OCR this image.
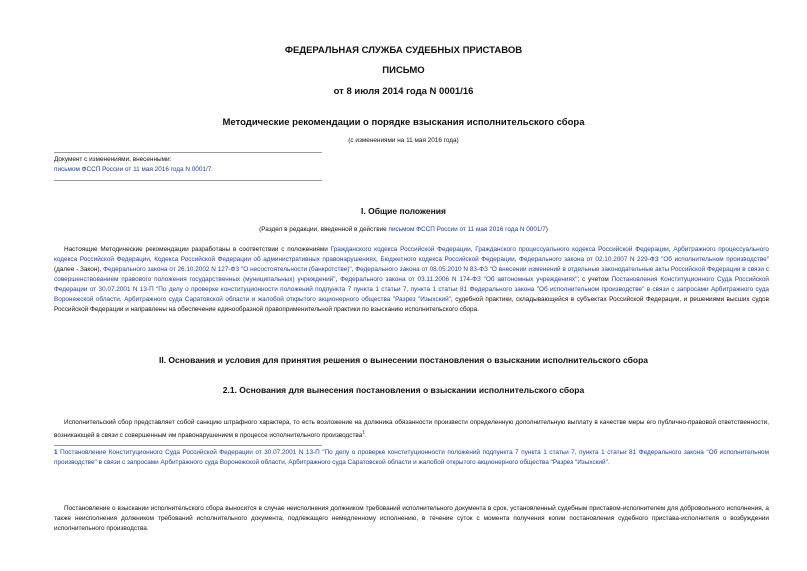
ФЕДЕРАЛЬНАЯ СЛУЖБА СУДЕБНЫХ ПРИСТАВОВ
ПИСЬМО
от 8 июля 2014 года N 0001/16
Методические рекомендации о порядке взыскания исполнительского сбора
(с изменениями на 11 мая 2016 года)
Документ с изменениями, внесенными:
письмом ФССП России от 11 мая 2016 года N 0001/7.
I. Общие положения
(Раздел в редакции, введенной в действие письмом ФССП России от 11 мая 2016 года N 0001/7)
Настоящие Методические рекомендации разработаны в соответствии с положениями Гражданского кодекса Российской Федерации, Гражданского процессуального кодекса Российской Федерации, Арбитражного процессуального кодекса Российской Федерации, Кодекса Российской Федерации об административных правонарушениях, Бюджетного кодекса Российской Федерации, Федерального закона от 02.10.2007 N 229-ФЗ "Об исполнительном производстве" (далее - Закон), Федерального закона от 26.10.2002 N 127-ФЗ "О несостоятельности (банкротстве)", Федерального закона от 08.05.2010 N 83-ФЗ "О внесении изменений в отдельные законодательные акты Российской Федерации в связи с совершенствованием правового положения государственных (муниципальных) учреждений", Федерального закона от 03.11.2006 N 174-ФЗ "Об автономных учреждениях"; с учетом Постановления Конституционного Суда Российской Федерации от 30.07.2001 N 13-П "По делу о проверке конституционности положений подпункта 7 пункта 1 статьи 7, пункта 1 статьи 81 Федерального закона "Об исполнительном производстве" в связи с запросами Арбитражного суда Воронежской области, Арбитражного суда Саратовской области и жалобой открытого акционерного общества "Разрез "Изыхский", судебной практики, складывающейся в субъектах Российской Федерации, и решениями высших судов Российской Федерации и направлены на обеспечение единообразной правоприменительной практики по взысканию исполнительского сбора.
II. Основания и условия для принятия решения о вынесении постановления о взыскании исполнительского сбора
2.1. Основания для вынесения постановления о взыскании исполнительского сбора
Исполнительский сбор представляет собой санкцию штрафного характера, то есть возложение на должника обязанности произвести определенную дополнительную выплату в качестве меры его публично-правовой ответственности, возникающей в связи с совершенным им правонарушением в процессе исполнительного производства$^1$.
1 Постановление Конституционного Суда Российской Федерации от 30.07.2001 N 13-П "По делу о проверке конституционности положений подпункта 7 пункта 1 статьи 7, пункта 1 статьи 81 Федерального закона "Об исполнительном производстве" в связи с запросами Арбитражного суда Воронежской области, Арбитражного суда Саратовской области и жалобой открытого акционерного общества "Разрез "Изыхский".
Постановление о взыскании исполнительского сбора выносится в случае неисполнения должником требований исполнительного документа в срок, установленный судебным приставом-исполнителем для добровольного исполнения, а также неисполнения должником требований исполнительного документа, подлежащего немедленному исполнению, в течение суток с момента получения копии постановления судебного пристава-исполнителя о возбуждении исполнительного производства.
